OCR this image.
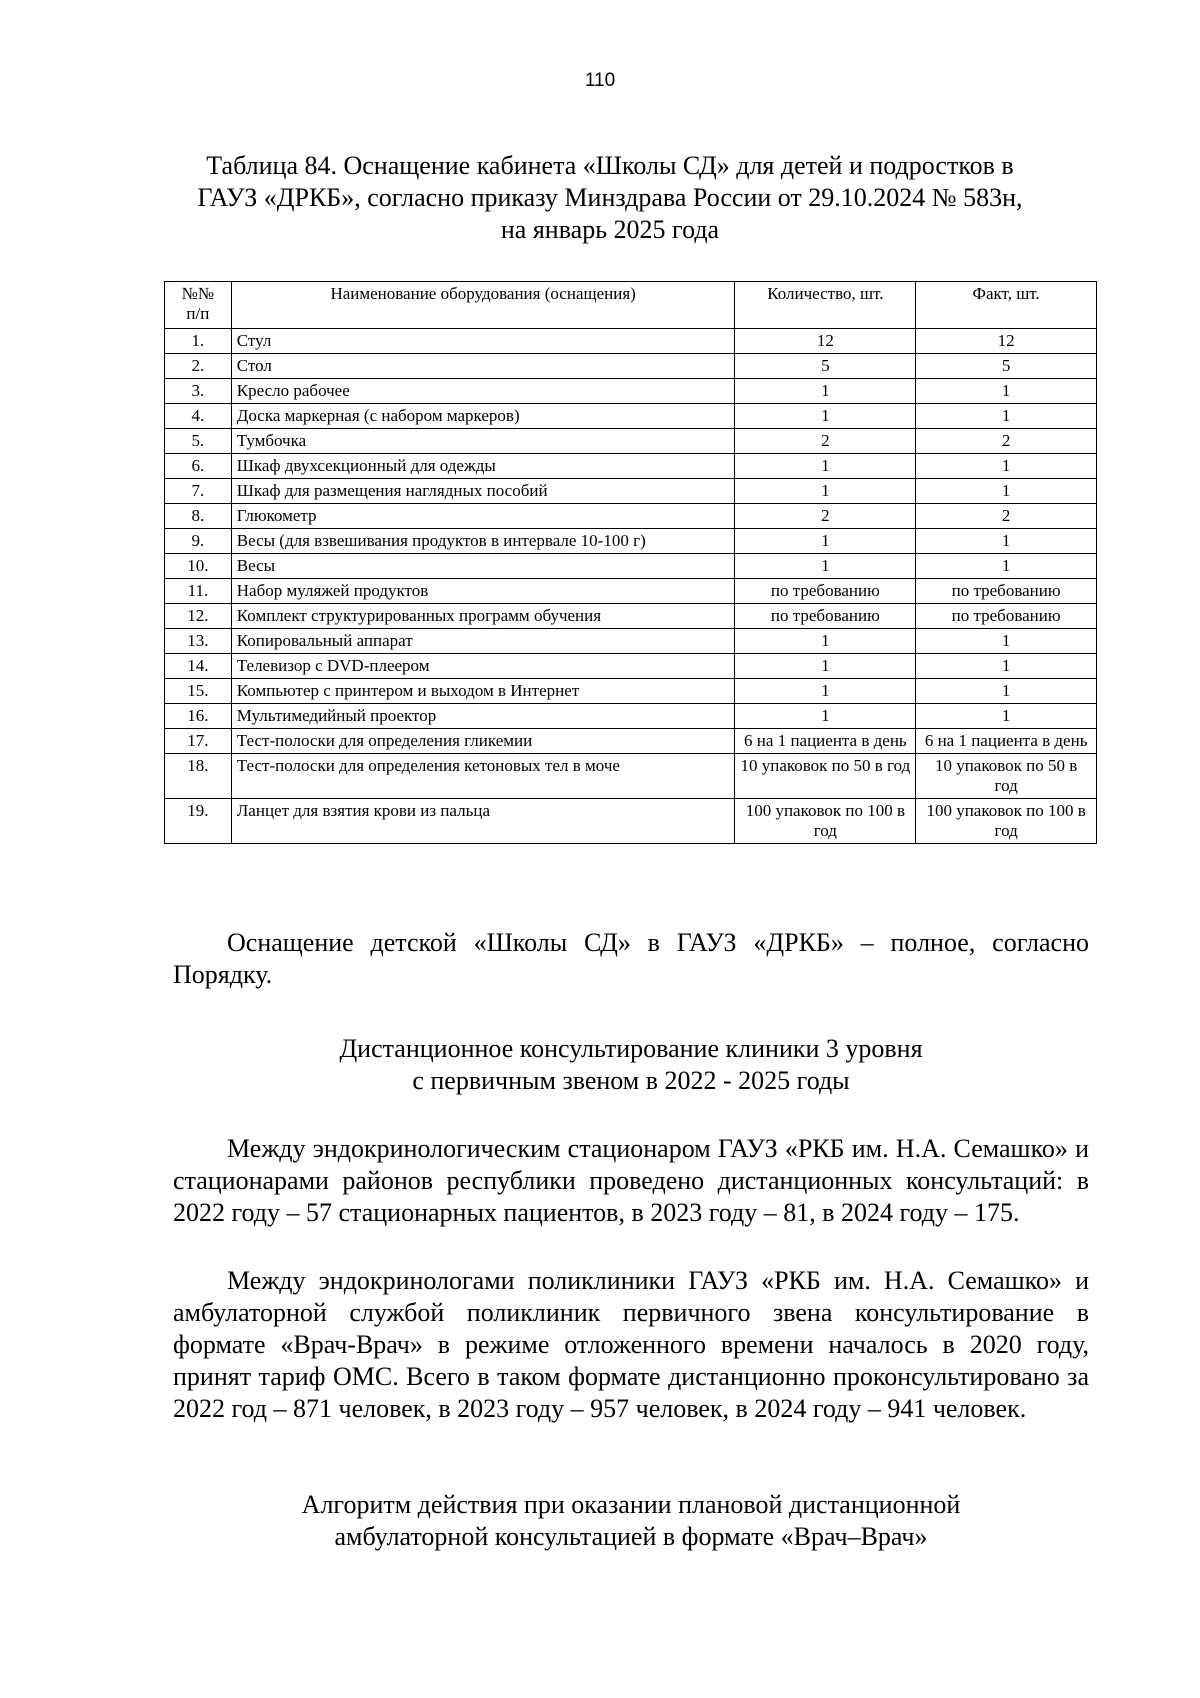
110
Таблица 84. Оснащение кабинета «Школы СД» для детей и подростков в
ГАУЗ «ДРКБ», согласно приказу Минздрава России от 29.10.2024 № 583н,
на январь 2025 года
№№
п/п	Наименование оборудования (оснащения)	Количество, шт.	Факт, шт.
1.	Стул	12	12
2.	Стол	5	5
3.	Кресло рабочее	1	1
4.	Доска маркерная (с набором маркеров)	1	1
5.	Тумбочка	2	2
6.	Шкаф двухсекционный для одежды	1	1
7.	Шкаф для размещения наглядных пособий	1	1
8.	Глюкометр	2	2
9.	Весы (для взвешивания продуктов в интервале 10-100 г)	1	1
10.	Весы	1	1
11.	Набор муляжей продуктов	по требованию	по требованию
12.	Комплект структурированных программ обучения	по требованию	по требованию
13.	Копировальный аппарат	1	1
14.	Телевизор с DVD-плеером	1	1
15.	Компьютер с принтером и выходом в Интернет	1	1
16.	Мультимедийный проектор	1	1
17.	Тест-полоски для определения гликемии	6 на 1 пациента в день	6 на 1 пациента в день
18.	Тест-полоски для определения кетоновых тел в моче	10 упаковок по 50 в год	10 упаковок по 50 в год
19.	Ланцет для взятия крови из пальца	100 упаковок по 100 в год	100 упаковок по 100 в год
Оснащение детской «Школы СД» в ГАУЗ «ДРКБ» – полное, согласно Порядку.
Дистанционное консультирование клиники 3 уровня
с первичным звеном в 2022 - 2025 годы
Между эндокринологическим стационаром ГАУЗ «РКБ им. Н.А. Семашко» и стационарами районов республики проведено дистанционных консультаций: в 2022 году – 57 стационарных пациентов, в 2023 году – 81, в 2024 году – 175.
Между эндокринологами поликлиники ГАУЗ «РКБ им. Н.А. Семашко» и амбулаторной службой поликлиник первичного звена консультирование в формате «Врач-Врач» в режиме отложенного времени началось в 2020 году, принят тариф ОМС. Всего в таком формате дистанционно проконсультировано за 2022 год – 871 человек, в 2023 году – 957 человек, в 2024 году – 941 человек.
Алгоритм действия при оказании плановой дистанционной
амбулаторной консультацией в формате «Врач–Врач»
